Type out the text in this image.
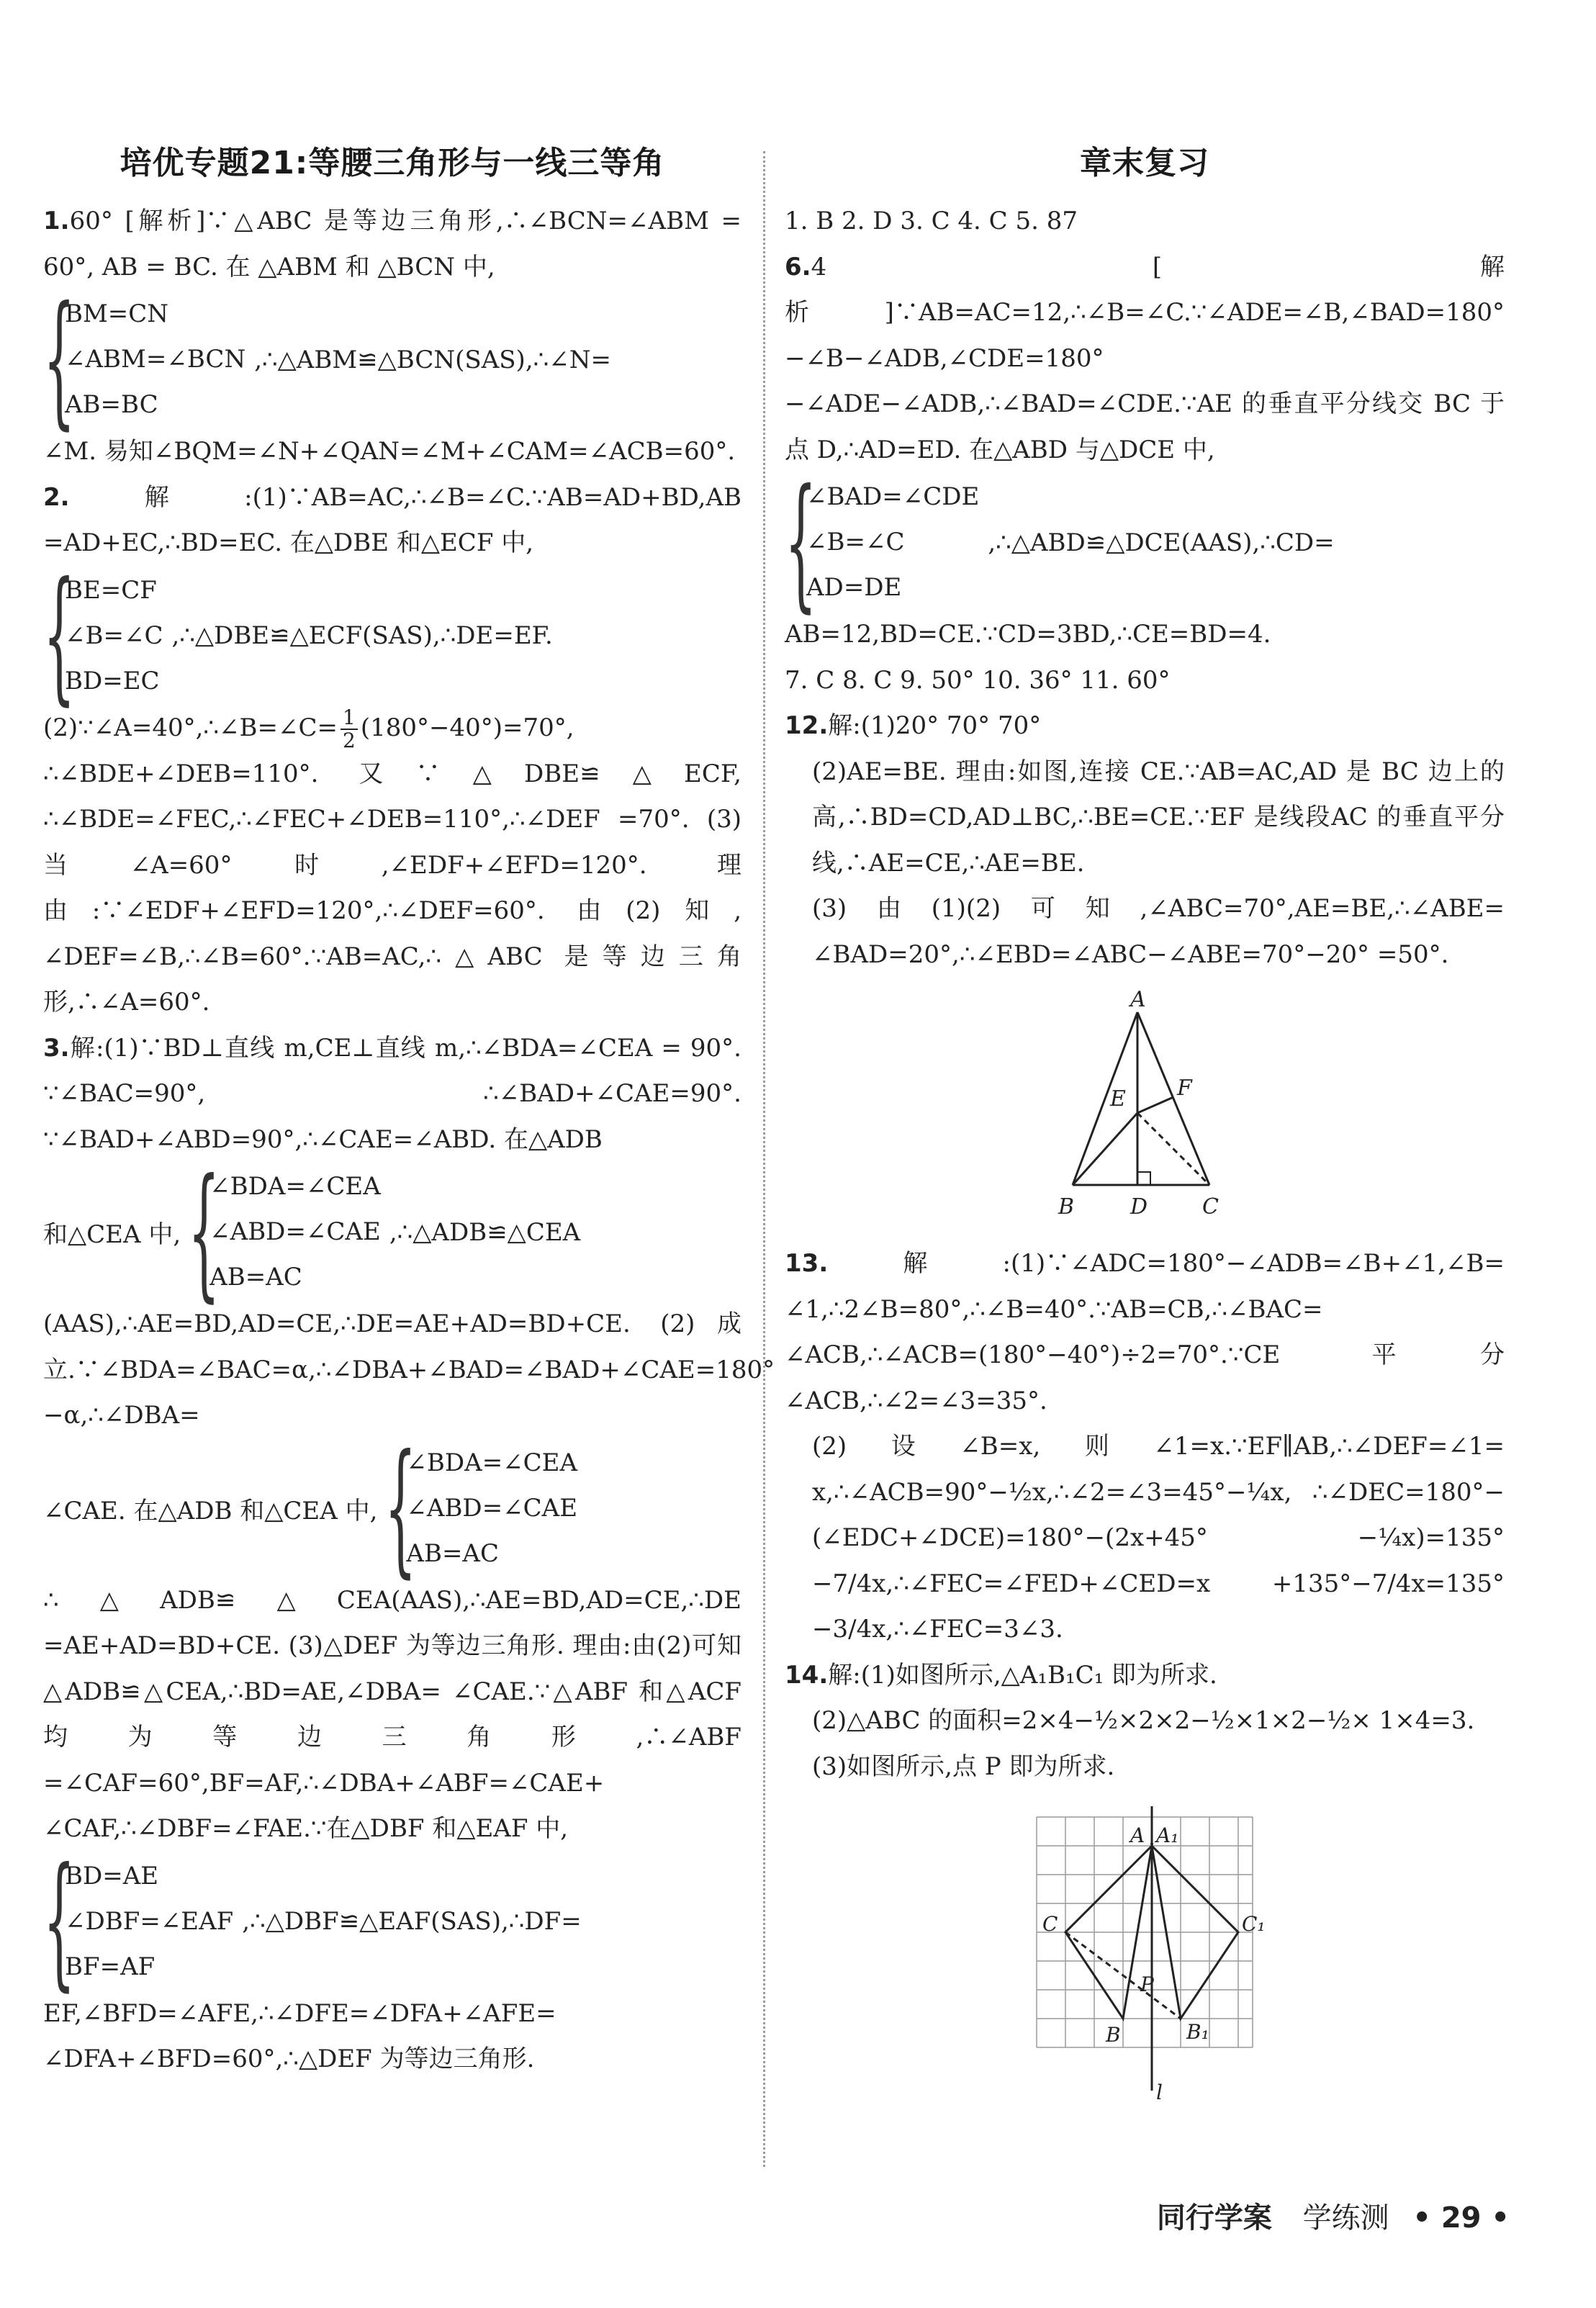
培优专题21:等腰三角形与一线三等角

1.60° [解析]∵△ABC 是等边三角形,∴∠BCN=∠ABM = 60°, AB = BC. 在 △ABM 和 △BCN 中,

{
BM=CN
∠ABM=∠BCN
AB=BC
,∴△ABM≌△BCN(SAS),∴∠N=

∠M. 易知∠BQM=∠N+∠QAN=∠M+∠CAM=∠ACB=60°.

2.解:(1)∵AB=AC,∴∠B=∠C.∵AB=AD+BD,AB =AD+EC,∴BD=EC. 在△DBE 和△ECF 中,

{
BE=CF
∠B=∠C
BD=EC
,∴△DBE≌△ECF(SAS),∴DE=EF.

(2)∵∠A=40°,∴∠B=∠C= $\frac{1}{2} (180^\circ-40^\circ)=70^\circ$,

∴∠BDE+∠DEB=110°. 又∵△DBE≌△ECF, ∴∠BDE=∠FEC,∴∠FEC+∠DEB=110°,∴∠DEF =70°. (3)当∠A=60°时,∠EDF+∠EFD=120°. 理由:∵∠EDF+∠EFD=120°,∴∠DEF=60°. 由(2)知, ∠DEF=∠B,∴∠B=60°.∵AB=AC,∴△ABC 是等边三角形,∴∠A=60°.

3.解:(1)∵BD⊥直线 m,CE⊥直线 m,∴∠BDA=∠CEA = 90°. ∵∠BAC=90°, ∴∠BAD+∠CAE=90°. ∵∠BAD+∠ABD=90°,∴∠CAE=∠ABD. 在△ADB

和△CEA 中, {
∠BDA=∠CEA
∠ABD=∠CAE
AB=AC
,∴△ADB≌△CEA

(AAS),∴AE=BD,AD=CE,∴DE=AE+AD=BD+CE. (2)成立.∵∠BDA=∠BAC=α,∴∠DBA+∠BAD=∠BAD+∠CAE=180°−α,∴∠DBA=

∠CAE. 在△ADB 和△CEA 中, {
∠BDA=∠CEA
∠ABD=∠CAE
AB=AC

∴△ADB≌△CEA(AAS),∴AE=BD,AD=CE,∴DE =AE+AD=BD+CE. (3)△DEF 为等边三角形. 理由:由(2)可知△ADB≌△CEA,∴BD=AE,∠DBA= ∠CAE.∵△ABF 和△ACF 均为等边三角形,∴∠ABF =∠CAF=60°,BF=AF,∴∠DBA+∠ABF=∠CAE+ ∠CAF,∴∠DBF=∠FAE.∵在△DBF 和△EAF 中,

{
BD=AE
∠DBF=∠EAF
BF=AF
,∴△DBF≌△EAF(SAS),∴DF=

EF,∠BFD=∠AFE,∴∠DFE=∠DFA+∠AFE= ∠DFA+∠BFD=60°,∴△DEF 为等边三角形.

章末复习

1. B 2. D 3. C 4. C 5. 87

6.4 [解析]∵AB=AC=12,∴∠B=∠C.∵∠ADE=∠B,∠BAD=180°−∠B−∠ADB,∠CDE=180°−∠ADE−∠ADB,∴∠BAD=∠CDE.∵AE 的垂直平分线交 BC 于点 D,∴AD=ED. 在△ABD 与△DCE 中,

{
∠BAD=∠CDE
∠B=∠C
AD=DE
,∴△ABD≌△DCE(AAS),∴CD=

AB=12,BD=CE.∵CD=3BD,∴CE=BD=4.

7. C 8. C 9. 50° 10. 36° 11. 60°

12.解:(1)20° 70° 70°

(2)AE=BE. 理由:如图,连接 CE.∵AB=AC,AD 是 BC 边上的高,∴BD=CD,AD⊥BC,∴BE=CE.∵EF 是线段AC 的垂直平分线,∴AE=CE,∴AE=BE.

(3)由(1)(2)可知,∠ABC=70°,AE=BE,∴∠ABE= ∠BAD=20°,∴∠EBD=∠ABC−∠ABE=70°−20° =50°.

A
B	D	C
E F

13.解:(1)∵∠ADC=180°−∠ADB=∠B+∠1,∠B= ∠1,∴2∠B=80°,∴∠B=40°.∵AB=CB,∴∠BAC= ∠ACB,∴∠ACB=(180°−40°)÷2=70°.∵CE 平分 ∠ACB,∴∠2=∠3=35°.

(2)设∠B=x,则∠1=x.∵EF∥AB,∴∠DEF=∠1= x,∴∠ACB=90°−½x,∴∠2=∠3=45°−¼x, ∴∠DEC=180°−(∠EDC+∠DCE)=180°−(2x+45° −¼x)=135°−7/4x,∴∠FEC=∠FED+∠CED=x +135°−7/4x=135°−3/4x,∴∠FEC=3∠3.

14.解:(1)如图所示,△A₁B₁C₁ 即为所求.

(2)△ABC 的面积=2×4−½×2×2−½×1×2−½× 1×4=3.

(3)如图所示,点 P 即为所求.

A A₁
C	C₁
P
B	B₁
l
同行学案 学练测 • 29 •
